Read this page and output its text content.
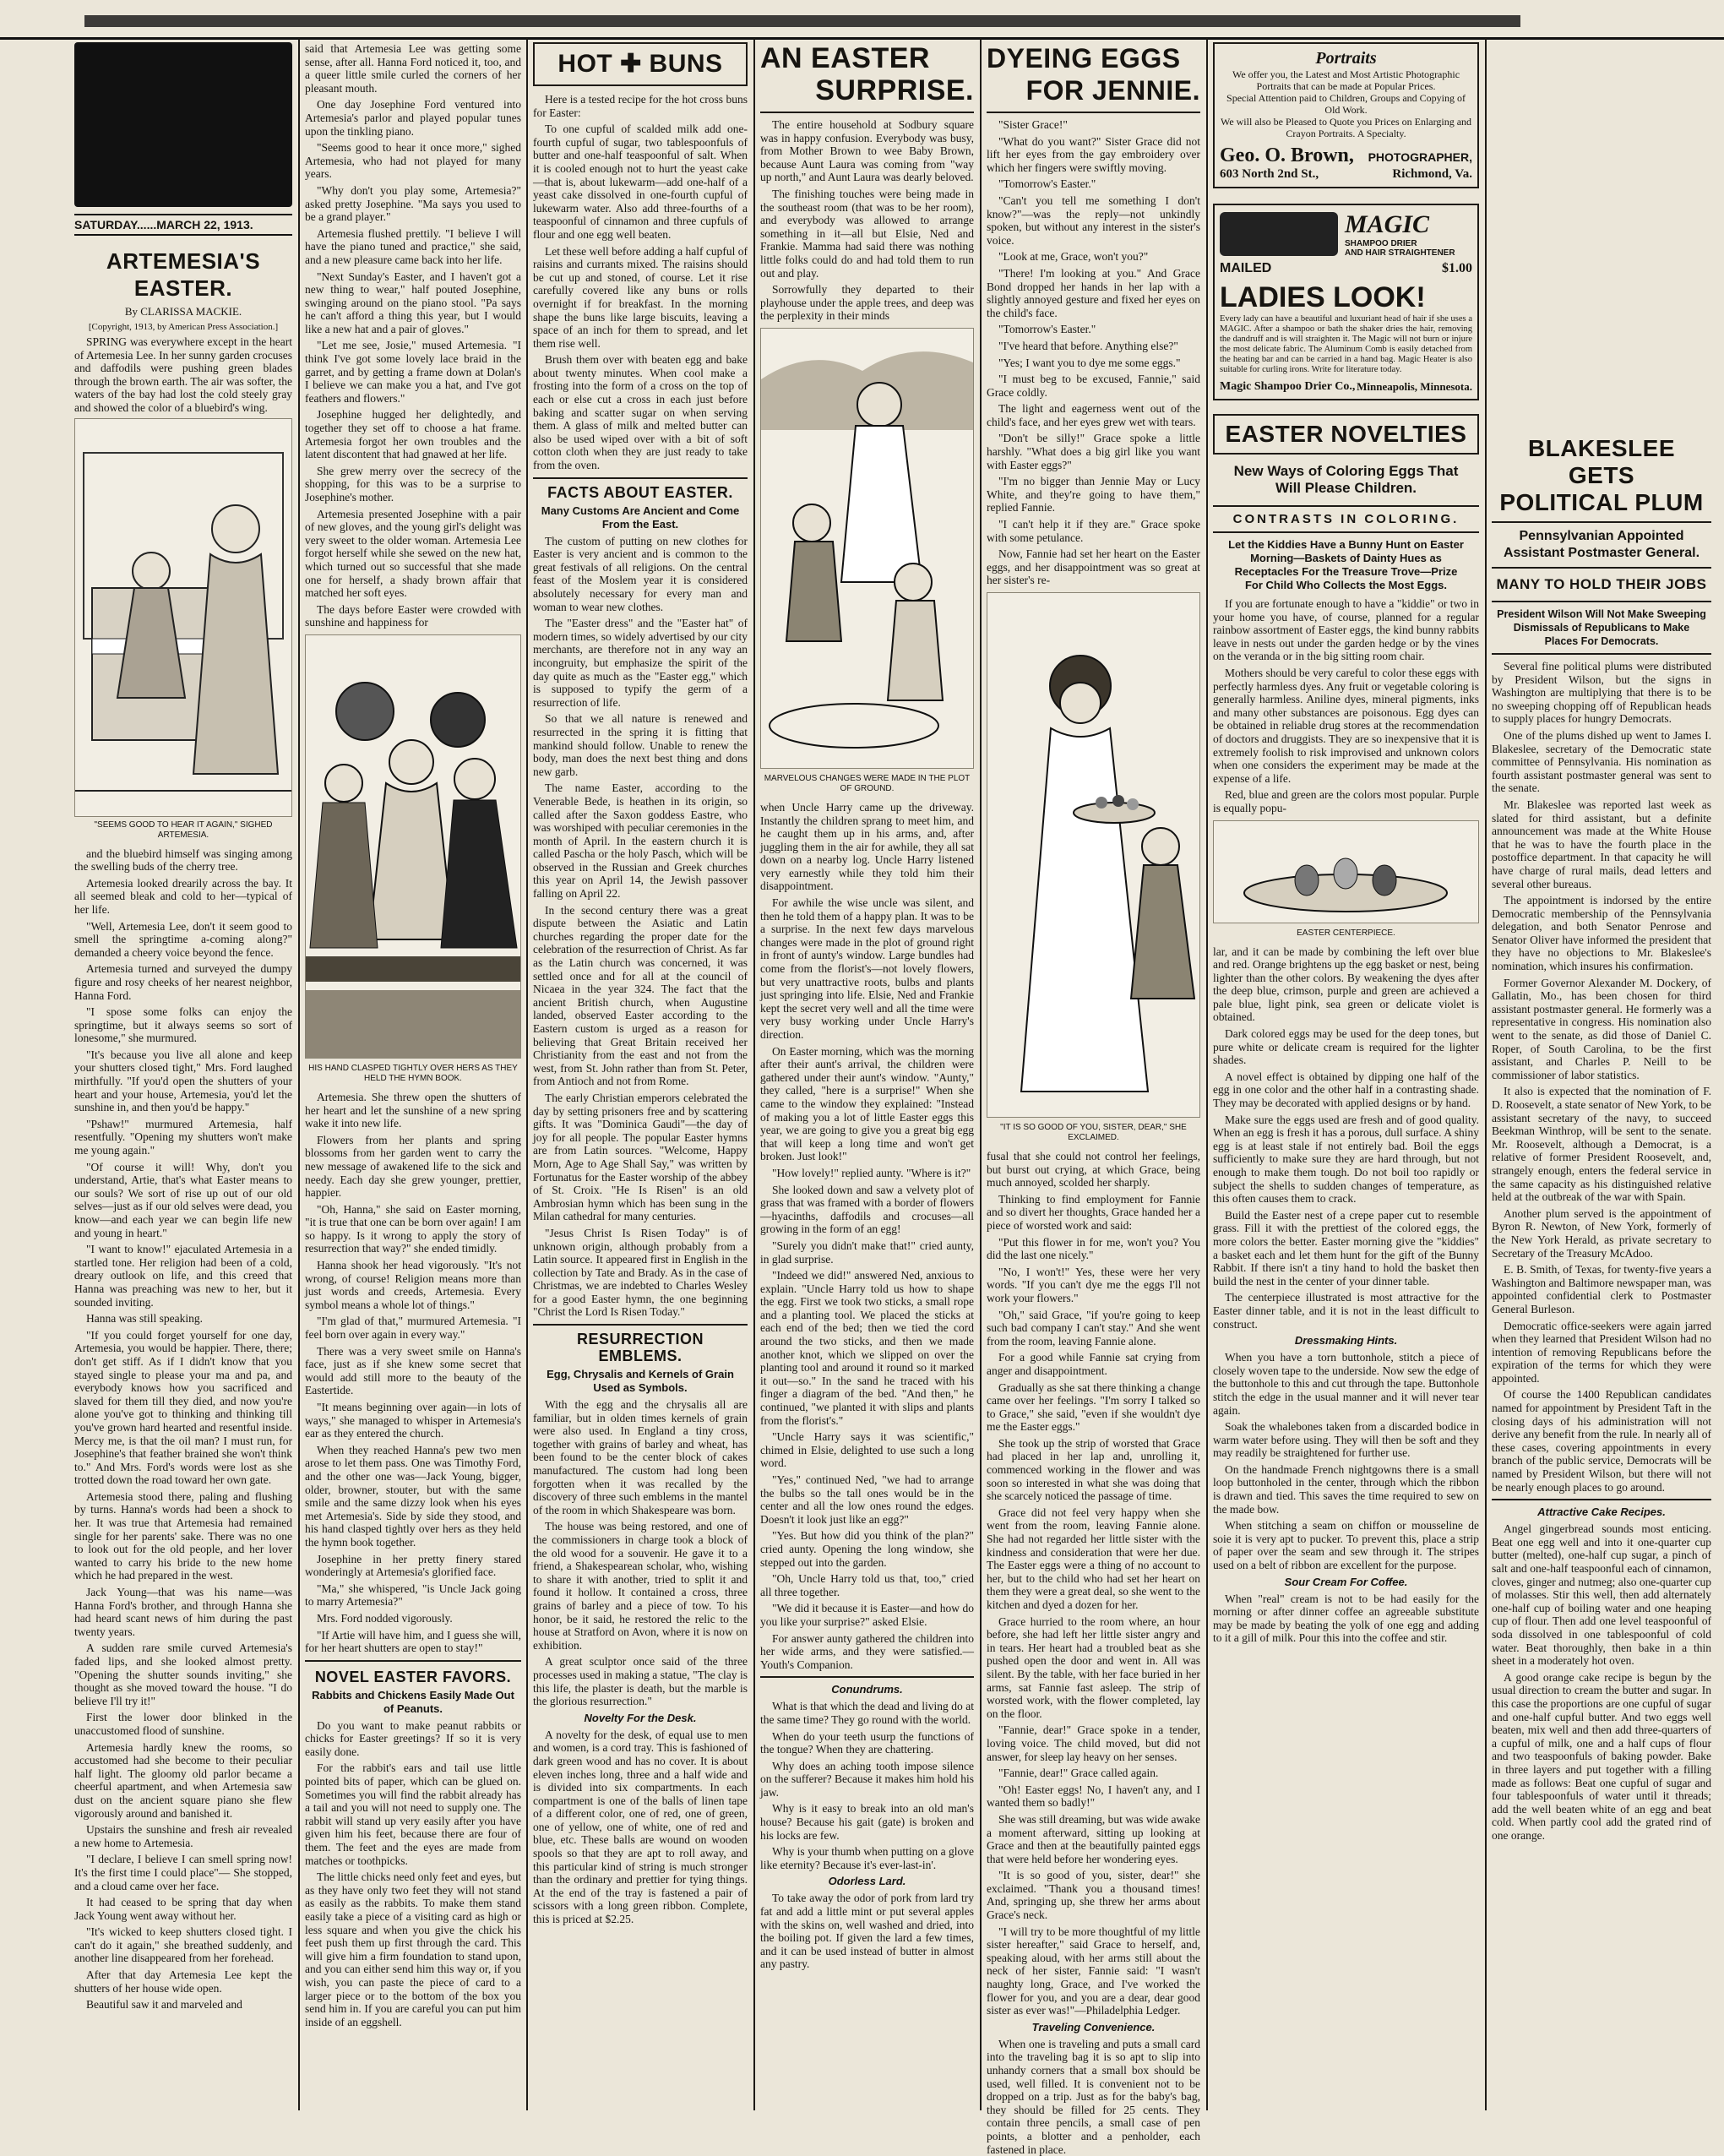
SATURDAY......MARCH 22, 1913.
ARTEMESIA'S EASTER.
By CLARISSA MACKIE.
[Copyright, 1913, by American Press Association.]

SPRING was everywhere except in the heart of Artemesia Lee. In her sunny garden crocuses and daffodils were pushing green blades through the brown earth. The air was softer, the waters of the bay had lost the cold steely gray and showed the color of a bluebird's wing.

"SEEMS GOOD TO HEAR IT AGAIN," SIGHED ARTEMESIA.

and the bluebird himself was singing among the swelling buds of the cherry tree.

Artemesia looked drearily across the bay. It all seemed bleak and cold to her—typical of her life.

"Well, Artemesia Lee, don't it seem good to smell the springtime a-coming along?" demanded a cheery voice beyond the fence.

Artemesia turned and surveyed the dumpy figure and rosy cheeks of her nearest neighbor, Hanna Ford.

"I spose some folks can enjoy the springtime, but it always seems so sort of lonesome," she murmured.

"It's because you live all alone and keep your shutters closed tight," Mrs. Ford laughed mirthfully. "If you'd open the shutters of your heart and your house, Artemesia, you'd let the sunshine in, and then you'd be happy."

"Pshaw!" murmured Artemesia, half resentfully. "Opening my shutters won't make me young again."

"Of course it will! Why, don't you understand, Artie, that's what Easter means to our souls? We sort of rise up out of our old selves—just as if our old selves were dead, you know—and each year we can begin life new and young in heart."

"I want to know!" ejaculated Artemesia in a startled tone. Her religion had been of a cold, dreary outlook on life, and this creed that Hanna was preaching was new to her, but it sounded inviting.

Hanna was still speaking.

"If you could forget yourself for one day, Artemesia, you would be happier. There, there; don't get stiff. As if I didn't know that you stayed single to please your ma and pa, and everybody knows how you sacrificed and slaved for them till they died, and now you're alone you've got to thinking and thinking till you've grown hard hearted and resentful inside. Mercy me, is that the oil man? I must run, for Josephine's that feather brained she won't think to." And Mrs. Ford's words were lost as she trotted down the road toward her own gate.

Artemesia stood there, paling and flushing by turns. Hanna's words had been a shock to her. It was true that Artemesia had remained single for her parents' sake. There was no one to look out for the old people, and her lover wanted to carry his bride to the new home which he had prepared in the west.

Jack Young—that was his name—was Hanna Ford's brother, and through Hanna she had heard scant news of him during the past twenty years.

A sudden rare smile curved Artemesia's faded lips, and she looked almost pretty. "Opening the shutter sounds inviting," she thought as she moved toward the house. "I do believe I'll try it!"

First the lower door blinked in the unaccustomed flood of sunshine.

Artemesia hardly knew the rooms, so accustomed had she become to their peculiar half light. The gloomy old parlor became a cheerful apartment, and when Artemesia saw dust on the ancient square piano she flew vigorously around and banished it.

Upstairs the sunshine and fresh air revealed a new home to Artemesia.

"I declare, I believe I can smell spring now! It's the first time I could place"— She stopped, and a cloud came over her face.

It had ceased to be spring that day when Jack Young went away without her.

"It's wicked to keep shutters closed tight. I can't do it again," she breathed suddenly, and another line disappeared from her forehead.

After that day Artemesia Lee kept the shutters of her house wide open.

Beautiful saw it and marveled and

said that Artemesia Lee was getting some sense, after all. Hanna Ford noticed it, too, and a queer little smile curled the corners of her pleasant mouth.

One day Josephine Ford ventured into Artemesia's parlor and played popular tunes upon the tinkling piano.

"Seems good to hear it once more," sighed Artemesia, who had not played for many years.

"Why don't you play some, Artemesia?" asked pretty Josephine. "Ma says you used to be a grand player."

Artemesia flushed prettily. "I believe I will have the piano tuned and practice," she said, and a new pleasure came back into her life.

"Next Sunday's Easter, and I haven't got a new thing to wear," half pouted Josephine, swinging around on the piano stool. "Pa says he can't afford a thing this year, but I would like a new hat and a pair of gloves."

"Let me see, Josie," mused Artemesia. "I think I've got some lovely lace braid in the garret, and by getting a frame down at Dolan's I believe we can make you a hat, and I've got feathers and flowers."

Josephine hugged her delightedly, and together they set off to choose a hat frame. Artemesia forgot her own troubles and the latent discontent that had gnawed at her life.

She grew merry over the secrecy of the shopping, for this was to be a surprise to Josephine's mother.

Artemesia presented Josephine with a pair of new gloves, and the young girl's delight was very sweet to the older woman. Artemesia Lee forgot herself while she sewed on the new hat, which turned out so successful that she made one for herself, a shady brown affair that matched her soft eyes.

The days before Easter were crowded with sunshine and happiness for

HIS HAND CLASPED TIGHTLY OVER HERS AS THEY HELD THE HYMN BOOK.

Artemesia. She threw open the shutters of her heart and let the sunshine of a new spring wake it into new life.

Flowers from her plants and spring blossoms from her garden went to carry the new message of awakened life to the sick and needy. Each day she grew younger, prettier, happier.

"Oh, Hanna," she said on Easter morning, "it is true that one can be born over again! I am so happy. Is it wrong to apply the story of resurrection that way?" she ended timidly.

Hanna shook her head vigorously. "It's not wrong, of course! Religion means more than just words and creeds, Artemesia. Every symbol means a whole lot of things."

"I'm glad of that," murmured Artemesia. "I feel born over again in every way."

There was a very sweet smile on Hanna's face, just as if she knew some secret that would add still more to the beauty of the Eastertide.

"It means beginning over again—in lots of ways," she managed to whisper in Artemesia's ear as they entered the church.

When they reached Hanna's pew two men arose to let them pass. One was Timothy Ford, and the other one was—Jack Young, bigger, older, browner, stouter, but with the same smile and the same dizzy look when his eyes met Artemesia's. Side by side they stood, and his hand clasped tightly over hers as they held the hymn book together.

Josephine in her pretty finery stared wonderingly at Artemesia's glorified face.

"Ma," she whispered, "is Uncle Jack going to marry Artemesia?"

Mrs. Ford nodded vigorously.

"If Artie will have him, and I guess she will, for her heart shutters are open to stay!"

NOVEL EASTER FAVORS.
Rabbits and Chickens Easily Made Out of Peanuts.

Do you want to make peanut rabbits or chicks for Easter greetings? If so it is very easily done.

For the rabbit's ears and tail use little pointed bits of paper, which can be glued on. Sometimes you will find the rabbit already has a tail and you will not need to supply one. The rabbit will stand up very easily after you have given him his feet, because there are four of them. The feet and the eyes are made from matches or toothpicks.

The little chicks need only feet and eyes, but as they have only two feet they will not stand as easily as the rabbits. To make them stand easily take a piece of a visiting card as high or less square and when you give the chick his feet push them up first through the card. This will give him a firm foundation to stand upon, and you can either send him this way or, if you wish, you can paste the piece of card to a larger piece or to the bottom of the box you send him in. If you are careful you can put him inside of an eggshell.

HOT ✚ BUNS

Here is a tested recipe for the hot cross buns for Easter:

To one cupful of scalded milk add one-fourth cupful of sugar, two tablespoonfuls of butter and one-half teaspoonful of salt. When it is cooled enough not to hurt the yeast cake—that is, about lukewarm—add one-half of a yeast cake dissolved in one-fourth cupful of lukewarm water. Also add three-fourths of a teaspoonful of cinnamon and three cupfuls of flour and one egg well beaten.

Let these well before adding a half cupful of raisins and currants mixed. The raisins should be cut up and stoned, of course. Let it rise carefully covered like any buns or rolls overnight if for breakfast. In the morning shape the buns like large biscuits, leaving a space of an inch for them to spread, and let them rise well.

Brush them over with beaten egg and bake about twenty minutes. When cool make a frosting into the form of a cross on the top of each or else cut a cross in each just before baking and scatter sugar on when serving them. A glass of milk and melted butter can also be used wiped over with a bit of soft cotton cloth when they are just ready to take from the oven.

FACTS ABOUT EASTER.
Many Customs Are Ancient and Come From the East.

The custom of putting on new clothes for Easter is very ancient and is common to the great festivals of all religions. On the central feast of the Moslem year it is considered absolutely necessary for every man and woman to wear new clothes.

The "Easter dress" and the "Easter hat" of modern times, so widely advertised by our city merchants, are therefore not in any way an incongruity, but emphasize the spirit of the day quite as much as the "Easter egg," which is supposed to typify the germ of a resurrection of life.

So that we all nature is renewed and resurrected in the spring it is fitting that mankind should follow. Unable to renew the body, man does the next best thing and dons new garb.

The name Easter, according to the Venerable Bede, is heathen in its origin, so called after the Saxon goddess Eastre, who was worshiped with peculiar ceremonies in the month of April. In the eastern church it is called Pascha or the holy Pasch, which will be observed in the Russian and Greek churches this year on April 14, the Jewish passover falling on April 22.

In the second century there was a great dispute between the Asiatic and Latin churches regarding the proper date for the celebration of the resurrection of Christ. As far as the Latin church was concerned, it was settled once and for all at the council of Nicaea in the year 324. The fact that the ancient British church, when Augustine landed, observed Easter according to the Eastern custom is urged as a reason for believing that Great Britain received her Christianity from the east and not from the west, from St. John rather than from St. Peter, from Antioch and not from Rome.

The early Christian emperors celebrated the day by setting prisoners free and by scattering gifts. It was "Dominica Gaudi"—the day of joy for all people. The popular Easter hymns are from Latin sources. "Welcome, Happy Morn, Age to Age Shall Say," was written by Fortunatus for the Easter worship of the abbey of St. Croix. "He Is Risen" is an old Ambrosian hymn which has been sung in the Milan cathedral for many centuries.

"Jesus Christ Is Risen Today" is of unknown origin, although probably from a Latin source. It appeared first in English in the collection by Tate and Brady. As in the case of Christmas, we are indebted to Charles Wesley for a good Easter hymn, the one beginning "Christ the Lord Is Risen Today."

RESURRECTION EMBLEMS.
Egg, Chrysalis and Kernels of Grain Used as Symbols.

With the egg and the chrysalis all are familiar, but in olden times kernels of grain were also used. In England a tiny cross, together with grains of barley and wheat, has been found to be the center block of cakes manufactured. The custom had long been forgotten when it was recalled by the discovery of three such emblems in the mantel of the room in which Shakespeare was born.

The house was being restored, and one of the commissioners in charge took a block of the old wood for a souvenir. He gave it to a friend, a Shakespearean scholar, who, wishing to share it with another, tried to split it and found it hollow. It contained a cross, three grains of barley and a piece of tow. To his honor, be it said, he restored the relic to the house at Stratford on Avon, where it is now on exhibition.

A great sculptor once said of the three processes used in making a statue, "The clay is this life, the plaster is death, but the marble is the glorious resurrection."

Novelty For the Desk.

A novelty for the desk, of equal use to men and women, is a cord tray. This is fashioned of dark green wood and has no cover. It is about eleven inches long, three and a half wide and is divided into six compartments. In each compartment is one of the balls of linen tape of a different color, one of red, one of green, one of yellow, one of white, one of red and blue, etc. These balls are wound on wooden spools so that they are apt to roll away, and this particular kind of string is much stronger than the ordinary and prettier for tying things. At the end of the tray is fastened a pair of scissors with a long green ribbon. Complete, this is priced at $2.25.

AN EASTER
SURPRISE.

The entire household at Sodbury square was in happy confusion. Everybody was busy, from Mother Brown to wee Baby Brown, because Aunt Laura was coming from "way up north," and Aunt Laura was dearly beloved.

The finishing touches were being made in the southeast room (that was to be her room), and everybody was allowed to arrange something in it—all but Elsie, Ned and Frankie. Mamma had said there was nothing little folks could do and had told them to run out and play.

Sorrowfully they departed to their playhouse under the apple trees, and deep was the perplexity in their minds

MARVELOUS CHANGES WERE MADE IN THE PLOT OF GROUND.

when Uncle Harry came up the driveway. Instantly the children sprang to meet him, and he caught them up in his arms, and, after juggling them in the air for awhile, they all sat down on a nearby log. Uncle Harry listened very earnestly while they told him their disappointment.

For awhile the wise uncle was silent, and then he told them of a happy plan. It was to be a surprise. In the next few days marvelous changes were made in the plot of ground right in front of aunty's window. Large bundles had come from the florist's—not lovely flowers, but very unattractive roots, bulbs and plants just springing into life. Elsie, Ned and Frankie kept the secret very well and all the time were very busy working under Uncle Harry's direction.

On Easter morning, which was the morning after their aunt's arrival, the children were gathered under their aunt's window. "Aunty," they called, "here is a surprise!" When she came to the window they explained: "Instead of making you a lot of little Easter eggs this year, we are going to give you a great big egg that will keep a long time and won't get broken. Just look!"

"How lovely!" replied aunty. "Where is it?"

She looked down and saw a velvety plot of grass that was framed with a border of flowers—hyacinths, daffodils and crocuses—all growing in the form of an egg!

"Surely you didn't make that!" cried aunty, in glad surprise.

"Indeed we did!" answered Ned, anxious to explain. "Uncle Harry told us how to shape the egg. First we took two sticks, a small rope and a planting tool. We placed the sticks at each end of the bed; then we tied the cord around the two sticks, and then we made another knot, which we slipped on over the planting tool and around it round so it marked it out—so." In the sand he traced with his finger a diagram of the bed. "And then," he continued, "we planted it with slips and plants from the florist's."

"Uncle Harry says it was scientific," chimed in Elsie, delighted to use such a long word.

"Yes," continued Ned, "we had to arrange the bulbs so the tall ones would be in the center and all the low ones round the edges. Doesn't it look just like an egg?"

"Yes. But how did you think of the plan?" cried aunty. Opening the long window, she stepped out into the garden.

"Oh, Uncle Harry told us that, too," cried all three together.

"We did it because it is Easter—and how do you like your surprise?" asked Elsie.

For answer aunty gathered the children into her wide arms, and they were satisfied.—Youth's Companion.

Conundrums.

What is that which the dead and living do at the same time? They go round with the world.

When do your teeth usurp the functions of the tongue? When they are chattering.

Why does an aching tooth impose silence on the sufferer? Because it makes him hold his jaw.

Why is it easy to break into an old man's house? Because his gait (gate) is broken and his locks are few.

Why is your thumb when putting on a glove like eternity? Because it's ever-last-in'.

Odorless Lard.

To take away the odor of pork from lard try fat and add a little mint or put several apples with the skins on, well washed and dried, into the boiling pot. If given the lard a few times, and it can be used instead of butter in almost any pastry.

DYEING EGGS
FOR JENNIE.

"Sister Grace!"

"What do you want?" Sister Grace did not lift her eyes from the gay embroidery over which her fingers were swiftly moving.

"Tomorrow's Easter."

"Can't you tell me something I don't know?"—was the reply—not unkindly spoken, but without any interest in the sister's voice.

"Look at me, Grace, won't you?"

"There! I'm looking at you." And Grace Bond dropped her hands in her lap with a slightly annoyed gesture and fixed her eyes on the child's face.

"Tomorrow's Easter."

"I've heard that before. Anything else?"

"Yes; I want you to dye me some eggs."

"I must beg to be excused, Fannie," said Grace coldly.

The light and eagerness went out of the child's face, and her eyes grew wet with tears.

"Don't be silly!" Grace spoke a little harshly. "What does a big girl like you want with Easter eggs?"

"I'm no bigger than Jennie May or Lucy White, and they're going to have them," replied Fannie.

"I can't help it if they are." Grace spoke with some petulance.

Now, Fannie had set her heart on the Easter eggs, and her disappointment was so great at her sister's re-

"IT IS SO GOOD OF YOU, SISTER, DEAR," SHE EXCLAIMED.

fusal that she could not control her feelings, but burst out crying, at which Grace, being much annoyed, scolded her sharply.

Thinking to find employment for Fannie and so divert her thoughts, Grace handed her a piece of worsted work and said:

"Put this flower in for me, won't you? You did the last one nicely."

"No, I won't!" Yes, these were her very words. "If you can't dye me the eggs I'll not work your flowers."

"Oh," said Grace, "if you're going to keep such bad company I can't stay." And she went from the room, leaving Fannie alone.

For a good while Fannie sat crying from anger and disappointment.

Gradually as she sat there thinking a change came over her feelings. "I'm sorry I talked so to Grace," she said, "even if she wouldn't dye me the Easter eggs."

She took up the strip of worsted that Grace had placed in her lap and, unrolling it, commenced working in the flower and was soon so interested in what she was doing that she scarcely noticed the passage of time.

Grace did not feel very happy when she went from the room, leaving Fannie alone. She had not regarded her little sister with the kindness and consideration that were her due. The Easter eggs were a thing of no account to her, but to the child who had set her heart on them they were a great deal, so she went to the kitchen and dyed a dozen for her.

Grace hurried to the room where, an hour before, she had left her little sister angry and in tears. Her heart had a troubled beat as she pushed open the door and went in. All was silent. By the table, with her face buried in her arms, sat Fannie fast asleep. The strip of worsted work, with the flower completed, lay on the floor.

"Fannie, dear!" Grace spoke in a tender, loving voice. The child moved, but did not answer, for sleep lay heavy on her senses.

"Fannie, dear!" Grace called again.

"Oh! Easter eggs! No, I haven't any, and I wanted them so badly!"

She was still dreaming, but was wide awake a moment afterward, sitting up looking at Grace and then at the beautifully painted eggs that were held before her wondering eyes.

"It is so good of you, sister, dear!" she exclaimed. "Thank you a thousand times! And, springing up, she threw her arms about Grace's neck.

"I will try to be more thoughtful of my little sister hereafter," said Grace to herself, and, speaking aloud, with her arms still about the neck of her sister, Fannie said: "I wasn't naughty long, Grace, and I've worked the flower for you, and you are a dear, dear good sister as ever was!"—Philadelphia Ledger.

Traveling Convenience.

When one is traveling and puts a small card into the traveling bag it is so apt to slip into unhandy corners that a small box should be used, well filled. It is convenient not to be dropped on a trip. Just as for the baby's bag, they should be filled for 25 cents. They contain three pencils, a small case of pen points, a blotter and a penholder, each fastened in place.

Portraits
We offer you, the Latest and Most Artistic Photographic Portraits that can be made at Popular Prices.
Special Attention paid to Children, Groups and Copying of Old Work.
We will also be Pleased to Quote you Prices on Enlarging and Crayon Portraits. A Specialty.
Geo. O. Brown, PHOTOGRAPHER,
603 North 2nd St.,	Richmond, Va.
MAGIC
SHAMPOO DRIER
AND HAIR STRAIGHTENER
MAILED	$1.00
LADIES LOOK!
Every lady can have a beautiful and luxuriant head of hair if she uses a MAGIC. After a shampoo or bath the shaker dries the hair, removing the dandruff and is will straighten it. The Magic will not burn or injure the most delicate fabric. The Aluminum Comb is easily detached from the heating bar and can be carried in a hand bag. Magic Heater is also suitable for curling irons. Write for literature today.
Magic Shampoo Drier Co., Minneapolis, Minnesota.
EASTER NOVELTIES
New Ways of Coloring Eggs That Will Please Children.
CONTRASTS IN COLORING.
Let the Kiddies Have a Bunny Hunt on Easter Morning—Baskets of Dainty Hues as Receptacles For the Treasure Trove—Prize For Child Who Collects the Most Eggs.

If you are fortunate enough to have a "kiddie" or two in your home you have, of course, planned for a regular rainbow assortment of Easter eggs, the kind bunny rabbits leave in nests out under the garden hedge or by the vines on the veranda or in the big sitting room chair.

Mothers should be very careful to color these eggs with perfectly harmless dyes. Any fruit or vegetable coloring is generally harmless. Aniline dyes, mineral pigments, inks and many other substances are poisonous. Egg dyes can be obtained in reliable drug stores at the recommendation of doctors and druggists. They are so inexpensive that it is extremely foolish to risk improvised and unknown colors when one considers the experiment may be made at the expense of a life.

Red, blue and green are the colors most popular. Purple is equally popu-

EASTER CENTERPIECE.

lar, and it can be made by combining the left over blue and red. Orange brightens up the egg basket or nest, being lighter than the other colors. By weakening the dyes after the deep blue, crimson, purple and green are achieved a pale blue, light pink, sea green or delicate violet is obtained.

Dark colored eggs may be used for the deep tones, but pure white or delicate cream is required for the lighter shades.

A novel effect is obtained by dipping one half of the egg in one color and the other half in a contrasting shade. They may be decorated with applied designs or by hand.

Make sure the eggs used are fresh and of good quality. When an egg is fresh it has a porous, dull surface. A shiny egg is at least stale if not entirely bad. Boil the eggs sufficiently to make sure they are hard through, but not enough to make them tough. Do not boil too rapidly or subject the shells to sudden changes of temperature, as this often causes them to crack.

Build the Easter nest of a crepe paper cut to resemble grass. Fill it with the prettiest of the colored eggs, the more colors the better. Easter morning give the "kiddies" a basket each and let them hunt for the gift of the Bunny Rabbit. If there isn't a tiny hand to hold the basket then build the nest in the center of your dinner table.

The centerpiece illustrated is most attractive for the Easter dinner table, and it is not in the least difficult to construct.

Dressmaking Hints.

When you have a torn buttonhole, stitch a piece of closely woven tape to the underside. Now sew the edge of the buttonhole to this and cut through the tape. Buttonhole stitch the edge in the usual manner and it will never tear again.

Soak the whalebones taken from a discarded bodice in warm water before using. They will then be soft and they may readily be straightened for further use.

On the handmade French nightgowns there is a small loop buttonholed in the center, through which the ribbon is drawn and tied. This saves the time required to sew on the made bow.

When stitching a seam on chiffon or mousseline de soie it is very apt to pucker. To prevent this, place a strip of paper over the seam and sew through it. The stripes used on a belt of ribbon are excellent for the purpose.

Sour Cream For Coffee.

When "real" cream is not to be had easily for the morning or after dinner coffee an agreeable substitute may be made by beating the yolk of one egg and adding to it a gill of milk. Pour this into the coffee and stir.

BLAKESLEE GETS
POLITICAL PLUM
Pennsylvanian Appointed Assistant Postmaster General.
MANY TO HOLD THEIR JOBS
President Wilson Will Not Make Sweeping Dismissals of Republicans to Make Places For Democrats.

Several fine political plums were distributed by President Wilson, but the signs in Washington are multiplying that there is to be no sweeping chopping off of Republican heads to supply places for hungry Democrats.

One of the plums dished up went to James I. Blakeslee, secretary of the Democratic state committee of Pennsylvania. His nomination as fourth assistant postmaster general was sent to the senate.

Mr. Blakeslee was reported last week as slated for third assistant, but a definite announcement was made at the White House that he was to have the fourth place in the postoffice department. In that capacity he will have charge of rural mails, dead letters and several other bureaus.

The appointment is indorsed by the entire Democratic membership of the Pennsylvania delegation, and both Senator Penrose and Senator Oliver have informed the president that they have no objections to Mr. Blakeslee's nomination, which insures his confirmation.

Former Governor Alexander M. Dockery, of Gallatin, Mo., has been chosen for third assistant postmaster general. He formerly was a representative in congress. His nomination also went to the senate, as did those of Daniel C. Roper, of South Carolina, to be the first assistant, and Charles P. Neill to be commissioner of labor statistics.

It also is expected that the nomination of F. D. Roosevelt, a state senator of New York, to be assistant secretary of the navy, to succeed Beekman Winthrop, will be sent to the senate. Mr. Roosevelt, although a Democrat, is a relative of former President Roosevelt, and, strangely enough, enters the federal service in the same capacity as his distinguished relative held at the outbreak of the war with Spain.

Another plum served is the appointment of Byron R. Newton, of New York, formerly of the New York Herald, as private secretary to Secretary of the Treasury McAdoo.

E. B. Smith, of Texas, for twenty-five years a Washington and Baltimore newspaper man, was appointed confidential clerk to Postmaster General Burleson.

Democratic office-seekers were again jarred when they learned that President Wilson had no intention of removing Republicans before the expiration of the terms for which they were appointed.

Of course the 1400 Republican candidates named for appointment by President Taft in the closing days of his administration will not derive any benefit from the rule. In nearly all of these cases, covering appointments in every branch of the public service, Democrats will be named by President Wilson, but there will not be nearly enough places to go around.

Attractive Cake Recipes.

Angel gingerbread sounds most enticing. Beat one egg well and into it one-quarter cup butter (melted), one-half cup sugar, a pinch of salt and one-half teaspoonful each of cinnamon, cloves, ginger and nutmeg; also one-quarter cup of molasses. Stir this well, then add alternately one-half cup of boiling water and one heaping cup of flour. Then add one level teaspoonful of soda dissolved in one tablespoonful of cold water. Beat thoroughly, then bake in a thin sheet in a moderately hot oven.

A good orange cake recipe is begun by the usual direction to cream the butter and sugar. In this case the proportions are one cupful of sugar and one-half cupful butter. And two eggs well beaten, mix well and then add three-quarters of a cupful of milk, one and a half cups of flour and two teaspoonfuls of baking powder. Bake in three layers and put together with a filling made as follows: Beat one cupful of sugar and four tablespoonfuls of water until it threads; add the well beaten white of an egg and beat cold. When partly cool add the grated rind of one orange.
